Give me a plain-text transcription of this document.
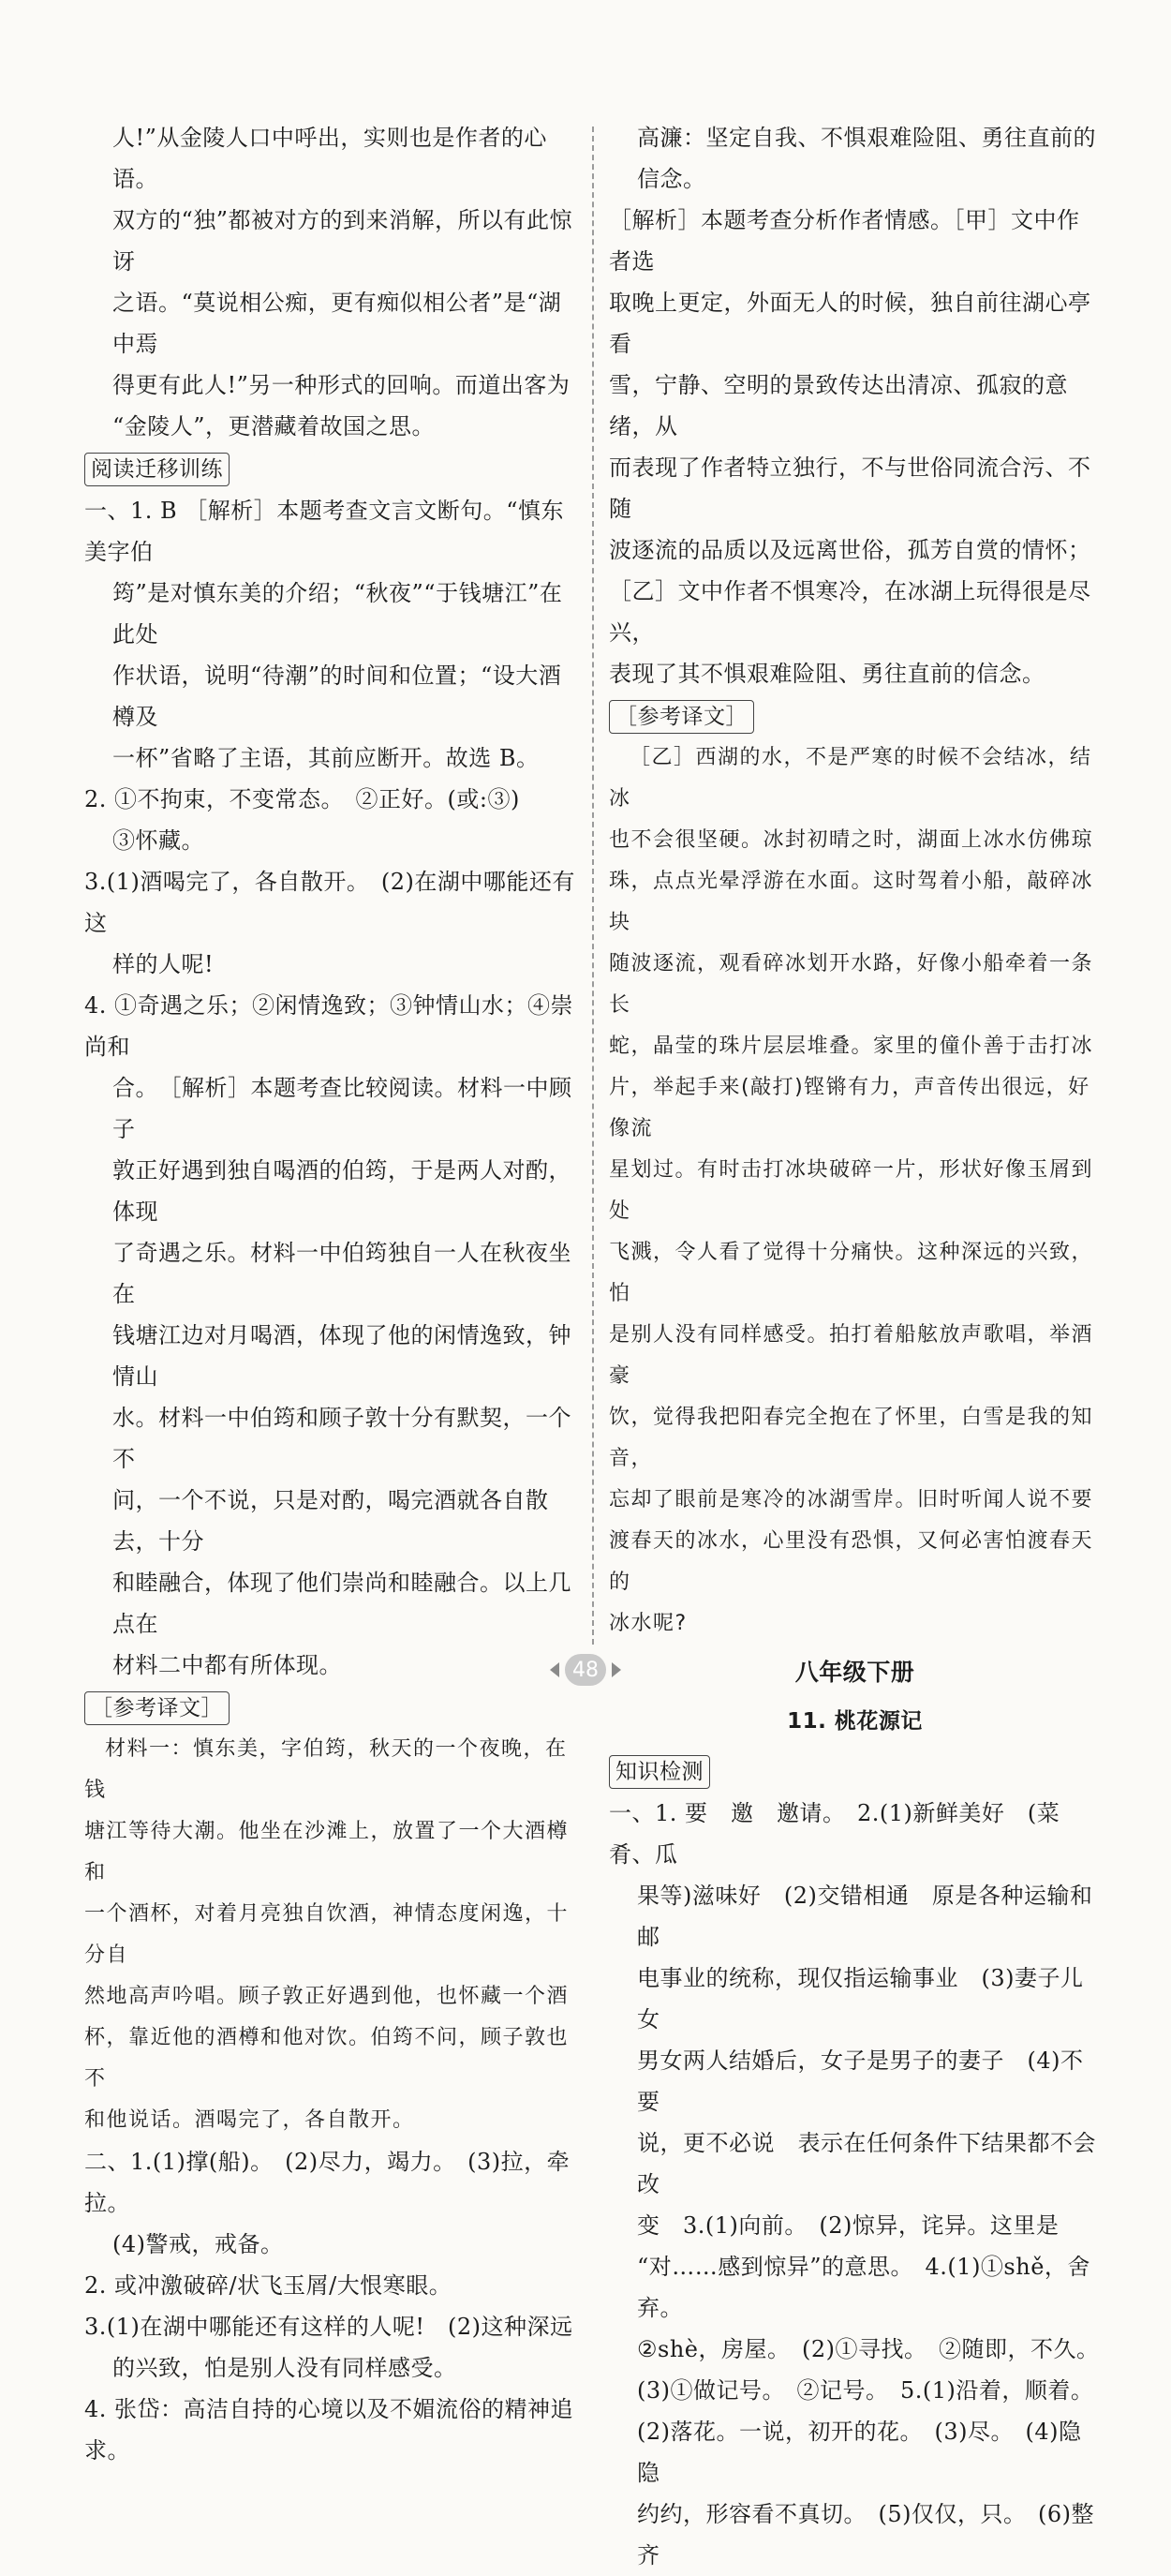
人!”从金陵人口中呼出，实则也是作者的心语。

双方的“独”都被对方的到来消解，所以有此惊讶

之语。“莫说相公痴，更有痴似相公者”是“湖中焉

得更有此人!”另一种形式的回响。而道出客为

“金陵人”，更潜藏着故国之思。

阅读迁移训练

一、1. B ［解析］本题考查文言文断句。“慎东美字伯

筠”是对慎东美的介绍；“秋夜”“于钱塘江”在此处

作状语，说明“待潮”的时间和位置；“设大酒樽及

一杯”省略了主语，其前应断开。故选 B。

2. ①不拘束，不变常态。　②正好。(或:③)

③怀藏。

3.(1)酒喝完了，各自散开。　(2)在湖中哪能还有这

样的人呢!

4. ①奇遇之乐；②闲情逸致；③钟情山水；④崇尚和

合。　［解析］本题考查比较阅读。材料一中顾子

敦正好遇到独自喝酒的伯筠，于是两人对酌，体现

了奇遇之乐。材料一中伯筠独自一人在秋夜坐在

钱塘江边对月喝酒，体现了他的闲情逸致，钟情山

水。材料一中伯筠和顾子敦十分有默契，一个不

问，一个不说，只是对酌，喝完酒就各自散去，十分

和睦融合，体现了他们崇尚和睦融合。以上几点在

材料二中都有所体现。

［参考译文］

材料一：慎东美，字伯筠，秋天的一个夜晚，在钱

塘江等待大潮。他坐在沙滩上，放置了一个大酒樽和

一个酒杯，对着月亮独自饮酒，神情态度闲逸，十分自

然地高声吟唱。顾子敦正好遇到他，也怀藏一个酒

杯，靠近他的酒樽和他对饮。伯筠不问，顾子敦也不

和他说话。酒喝完了，各自散开。

二、1.(1)撑(船)。　(2)尽力，竭力。　(3)拉，牵拉。

(4)警戒，戒备。

2. 或冲激破碎/状飞玉屑/大恨寒眼。

3.(1)在湖中哪能还有这样的人呢!　(2)这种深远

的兴致，怕是别人没有同样感受。

4. 张岱：高洁自持的心境以及不媚流俗的精神追求。

高濂：坚定自我、不惧艰难险阻、勇往直前的信念。

［解析］本题考查分析作者情感。［甲］文中作者选

取晚上更定，外面无人的时候，独自前往湖心亭看

雪，宁静、空明的景致传达出清凉、孤寂的意绪，从

而表现了作者特立独行，不与世俗同流合污、不随

波逐流的品质以及远离世俗，孤芳自赏的情怀；

［乙］文中作者不惧寒冷，在冰湖上玩得很是尽兴，

表现了其不惧艰难险阻、勇往直前的信念。

［参考译文］

［乙］西湖的水，不是严寒的时候不会结冰，结冰

也不会很坚硬。冰封初晴之时，湖面上冰水仿佛琼

珠，点点光晕浮游在水面。这时驾着小船，敲碎冰块

随波逐流，观看碎冰划开水路，好像小船牵着一条长

蛇，晶莹的珠片层层堆叠。家里的僮仆善于击打冰

片，举起手来(敲打)铿锵有力，声音传出很远，好像流

星划过。有时击打冰块破碎一片，形状好像玉屑到处

飞溅，令人看了觉得十分痛快。这种深远的兴致，怕

是别人没有同样感受。拍打着船舷放声歌唱，举酒豪

饮，觉得我把阳春完全抱在了怀里，白雪是我的知音，

忘却了眼前是寒冷的冰湖雪岸。旧时听闻人说不要

渡春天的冰水，心里没有恐惧，又何必害怕渡春天的

冰水呢?

八年级下册

11. 桃花源记

知识检测

一、1. 要　邀　邀请。　2.(1)新鲜美好　(菜肴、瓜

果等)滋味好　(2)交错相通　原是各种运输和邮

电事业的统称，现仅指运输事业　(3)妻子儿女

男女两人结婚后，女子是男子的妻子　(4)不要

说，更不必说　表示在任何条件下结果都不会改

变　3.(1)向前。　(2)惊异，诧异。这里是

“对……感到惊异”的意思。　4.(1)①shě，舍弃。

②shè，房屋。　(2)①寻找。　②随即，不久。

(3)①做记号。　②记号。　5.(1)沿着，顺着。

(2)落花。一说，初开的花。　(3)尽。　(4)隐隐

约约，形容看不真切。　(5)仅仅，只。　(6)整齐

48
